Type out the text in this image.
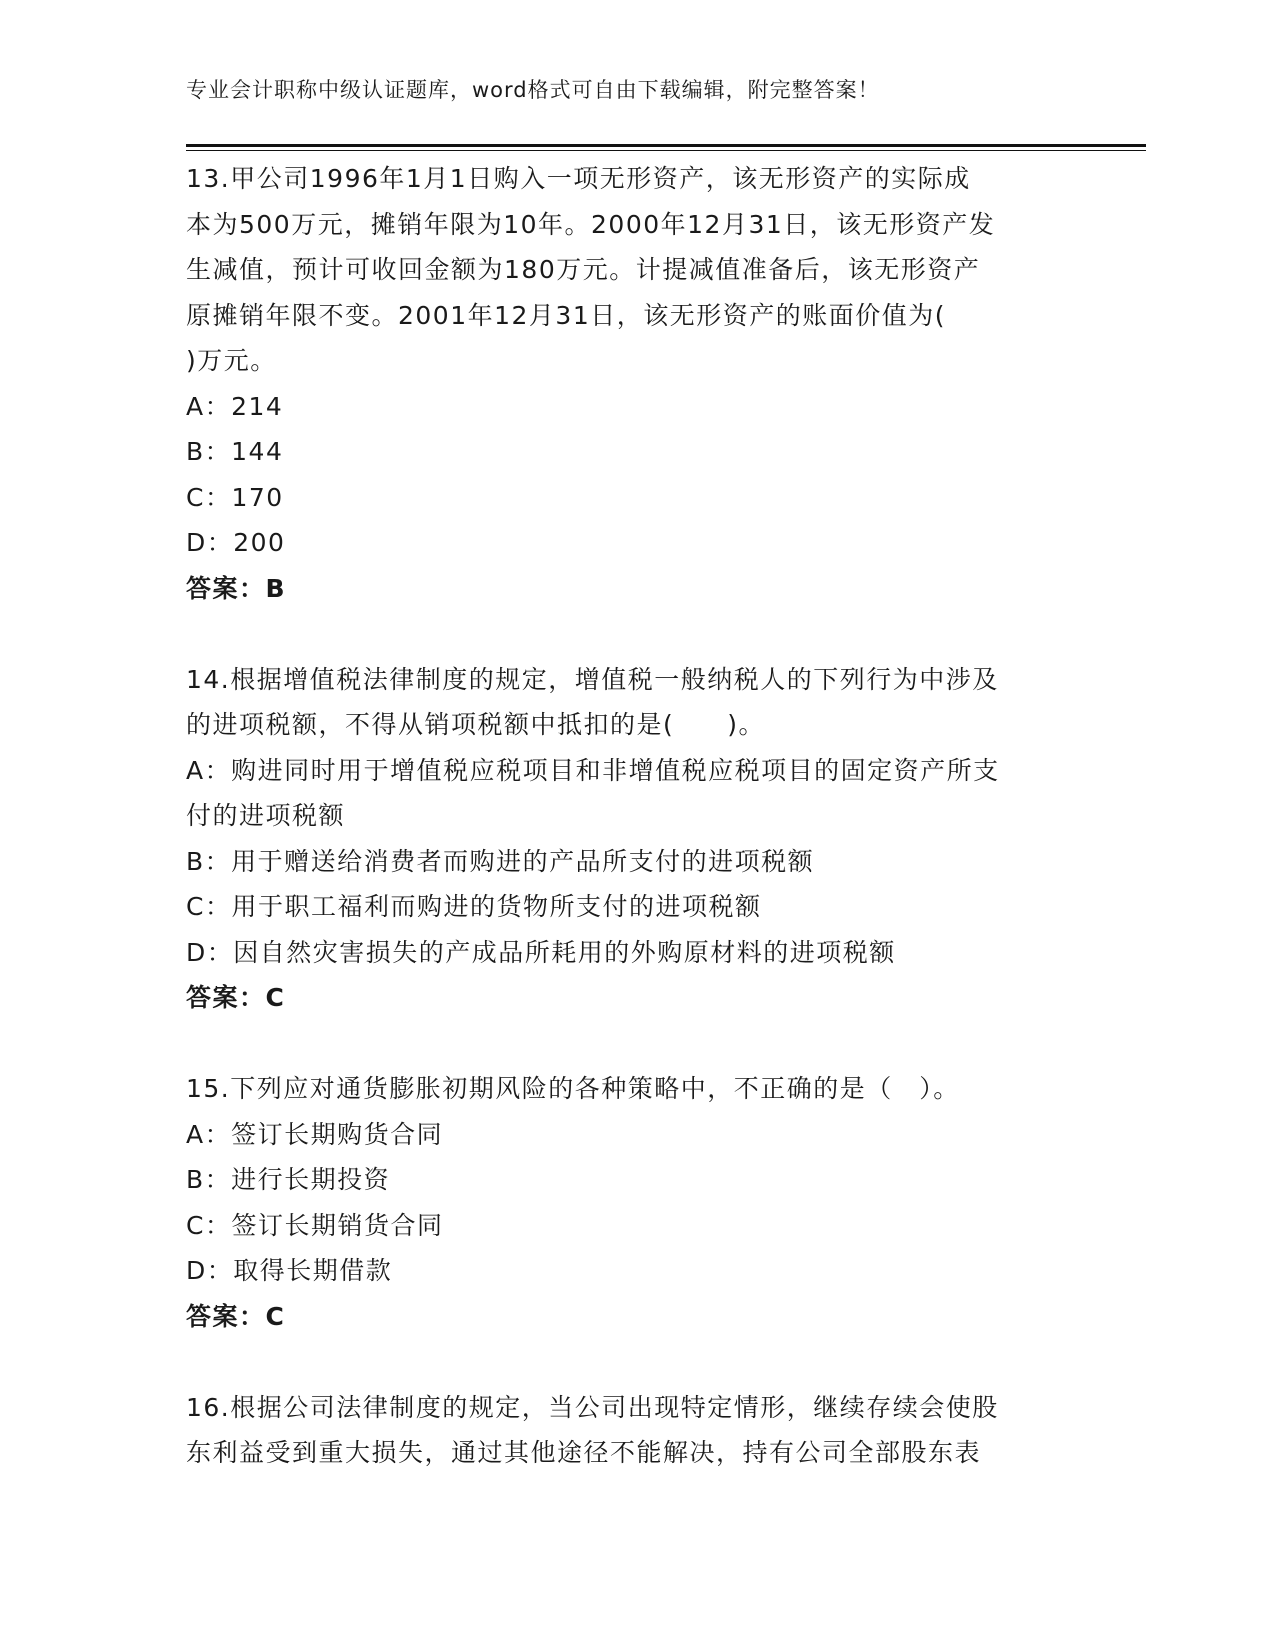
专业会计职称中级认证题库，word格式可自由下载编辑，附完整答案！
13.甲公司1996年1月1日购入一项无形资产，该无形资产的实际成
本为500万元，摊销年限为10年。2000年12月31日，该无形资产发
生减值，预计可收回金额为180万元。计提减值准备后，该无形资产
原摊销年限不变。2001年12月31日，该无形资产的账面价值为(
)万元。
A：214
B：144
C：170
D：200
答案：B
14.根据增值税法律制度的规定，增值税一般纳税人的下列行为中涉及
的进项税额，不得从销项税额中抵扣的是(　　)。
A：购进同时用于增值税应税项目和非增值税应税项目的固定资产所支
付的进项税额
B：用于赠送给消费者而购进的产品所支付的进项税额
C：用于职工福利而购进的货物所支付的进项税额
D：因自然灾害损失的产成品所耗用的外购原材料的进项税额
答案：C
15.下列应对通货膨胀初期风险的各种策略中，不正确的是（　）。
A：签订长期购货合同
B：进行长期投资
C：签订长期销货合同
D：取得长期借款
答案：C
16.根据公司法律制度的规定，当公司出现特定情形，继续存续会使股
东利益受到重大损失，通过其他途径不能解决，持有公司全部股东表
